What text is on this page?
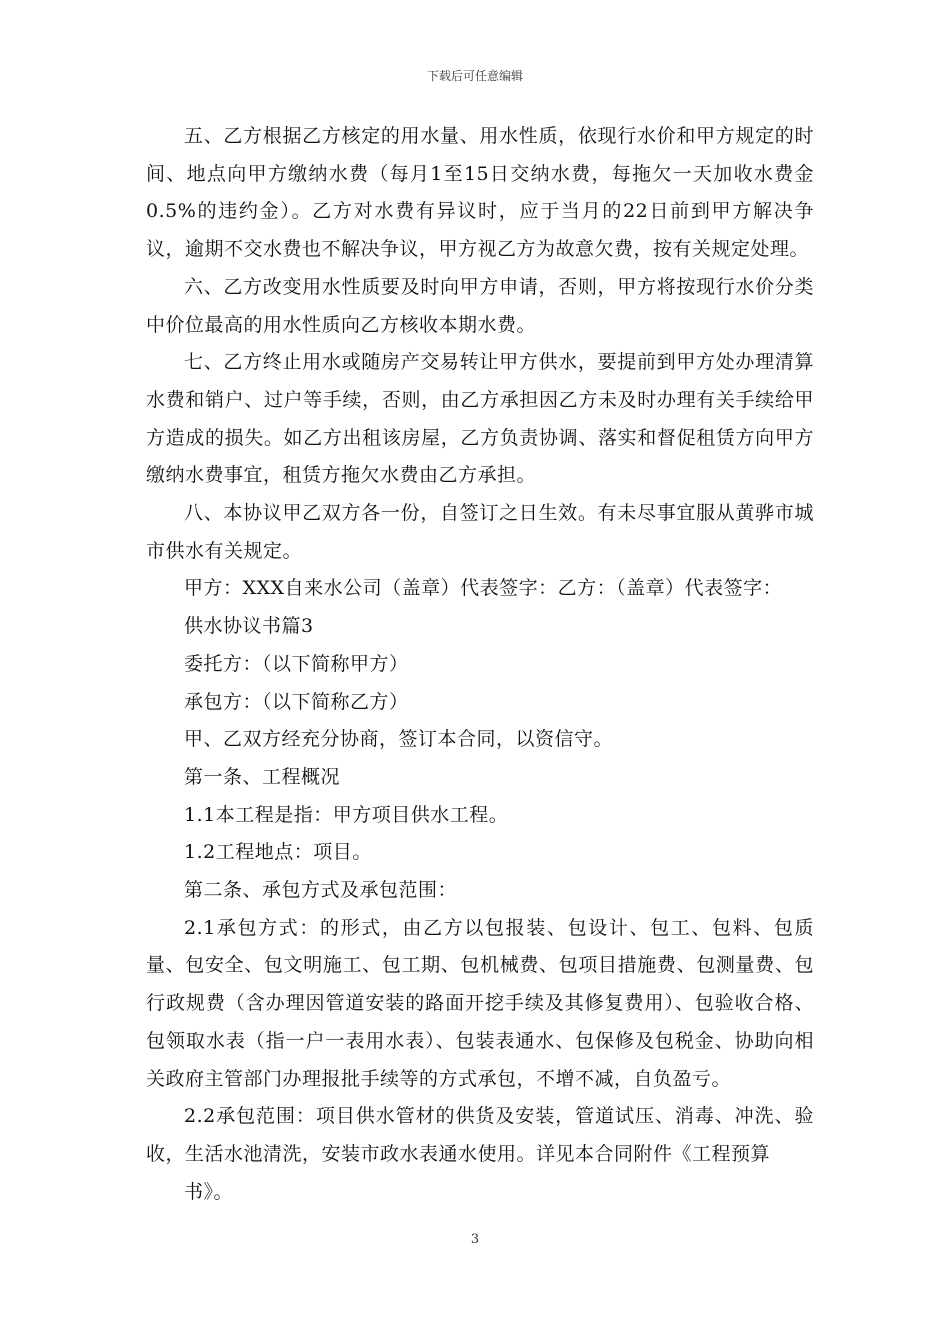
下载后可任意编辑

五、乙方根据乙方核定的用水量、用水性质，依现行水价和甲方规定的时间、地点向甲方缴纳水费（每月1至15日交纳水费，每拖欠一天加收水费金0.5%的违约金）。乙方对水费有异议时，应于当月的22日前到甲方解决争议，逾期不交水费也不解决争议，甲方视乙方为故意欠费，按有关规定处理。

六、乙方改变用水性质要及时向甲方申请，否则，甲方将按现行水价分类中价位最高的用水性质向乙方核收本期水费。

七、乙方终止用水或随房产交易转让甲方供水，要提前到甲方处办理清算水费和销户、过户等手续，否则，由乙方承担因乙方未及时办理有关手续给甲方造成的损失。如乙方出租该房屋，乙方负责协调、落实和督促租赁方向甲方缴纳水费事宜，租赁方拖欠水费由乙方承担。

八、本协议甲乙双方各一份，自签订之日生效。有未尽事宜服从黄骅市城市供水有关规定。

甲方：XXX自来水公司（盖章）代表签字：乙方：（盖章）代表签字：

供水协议书篇3

委托方：（以下简称甲方）

承包方：（以下简称乙方）

甲、乙双方经充分协商，签订本合同，以资信守。

第一条、工程概况

1.1本工程是指：甲方项目供水工程。

1.2工程地点：项目。

第二条、承包方式及承包范围：

2.1承包方式：的形式，由乙方以包报装、包设计、包工、包料、包质量、包安全、包文明施工、包工期、包机械费、包项目措施费、包测量费、包行政规费（含办理因管道安装的路面开挖手续及其修复费用）、包验收合格、包领取水表（指一户一表用水表）、包装表通水、包保修及包税金、协助向相关政府主管部门办理报批手续等的方式承包，不增不减，自负盈亏。

2.2承包范围：项目供水管材的供货及安装，管道试压、消毒、冲洗、验收，生活水池清洗，安装市政水表通水使用。详见本合同附件《工程预算

书》。

3
